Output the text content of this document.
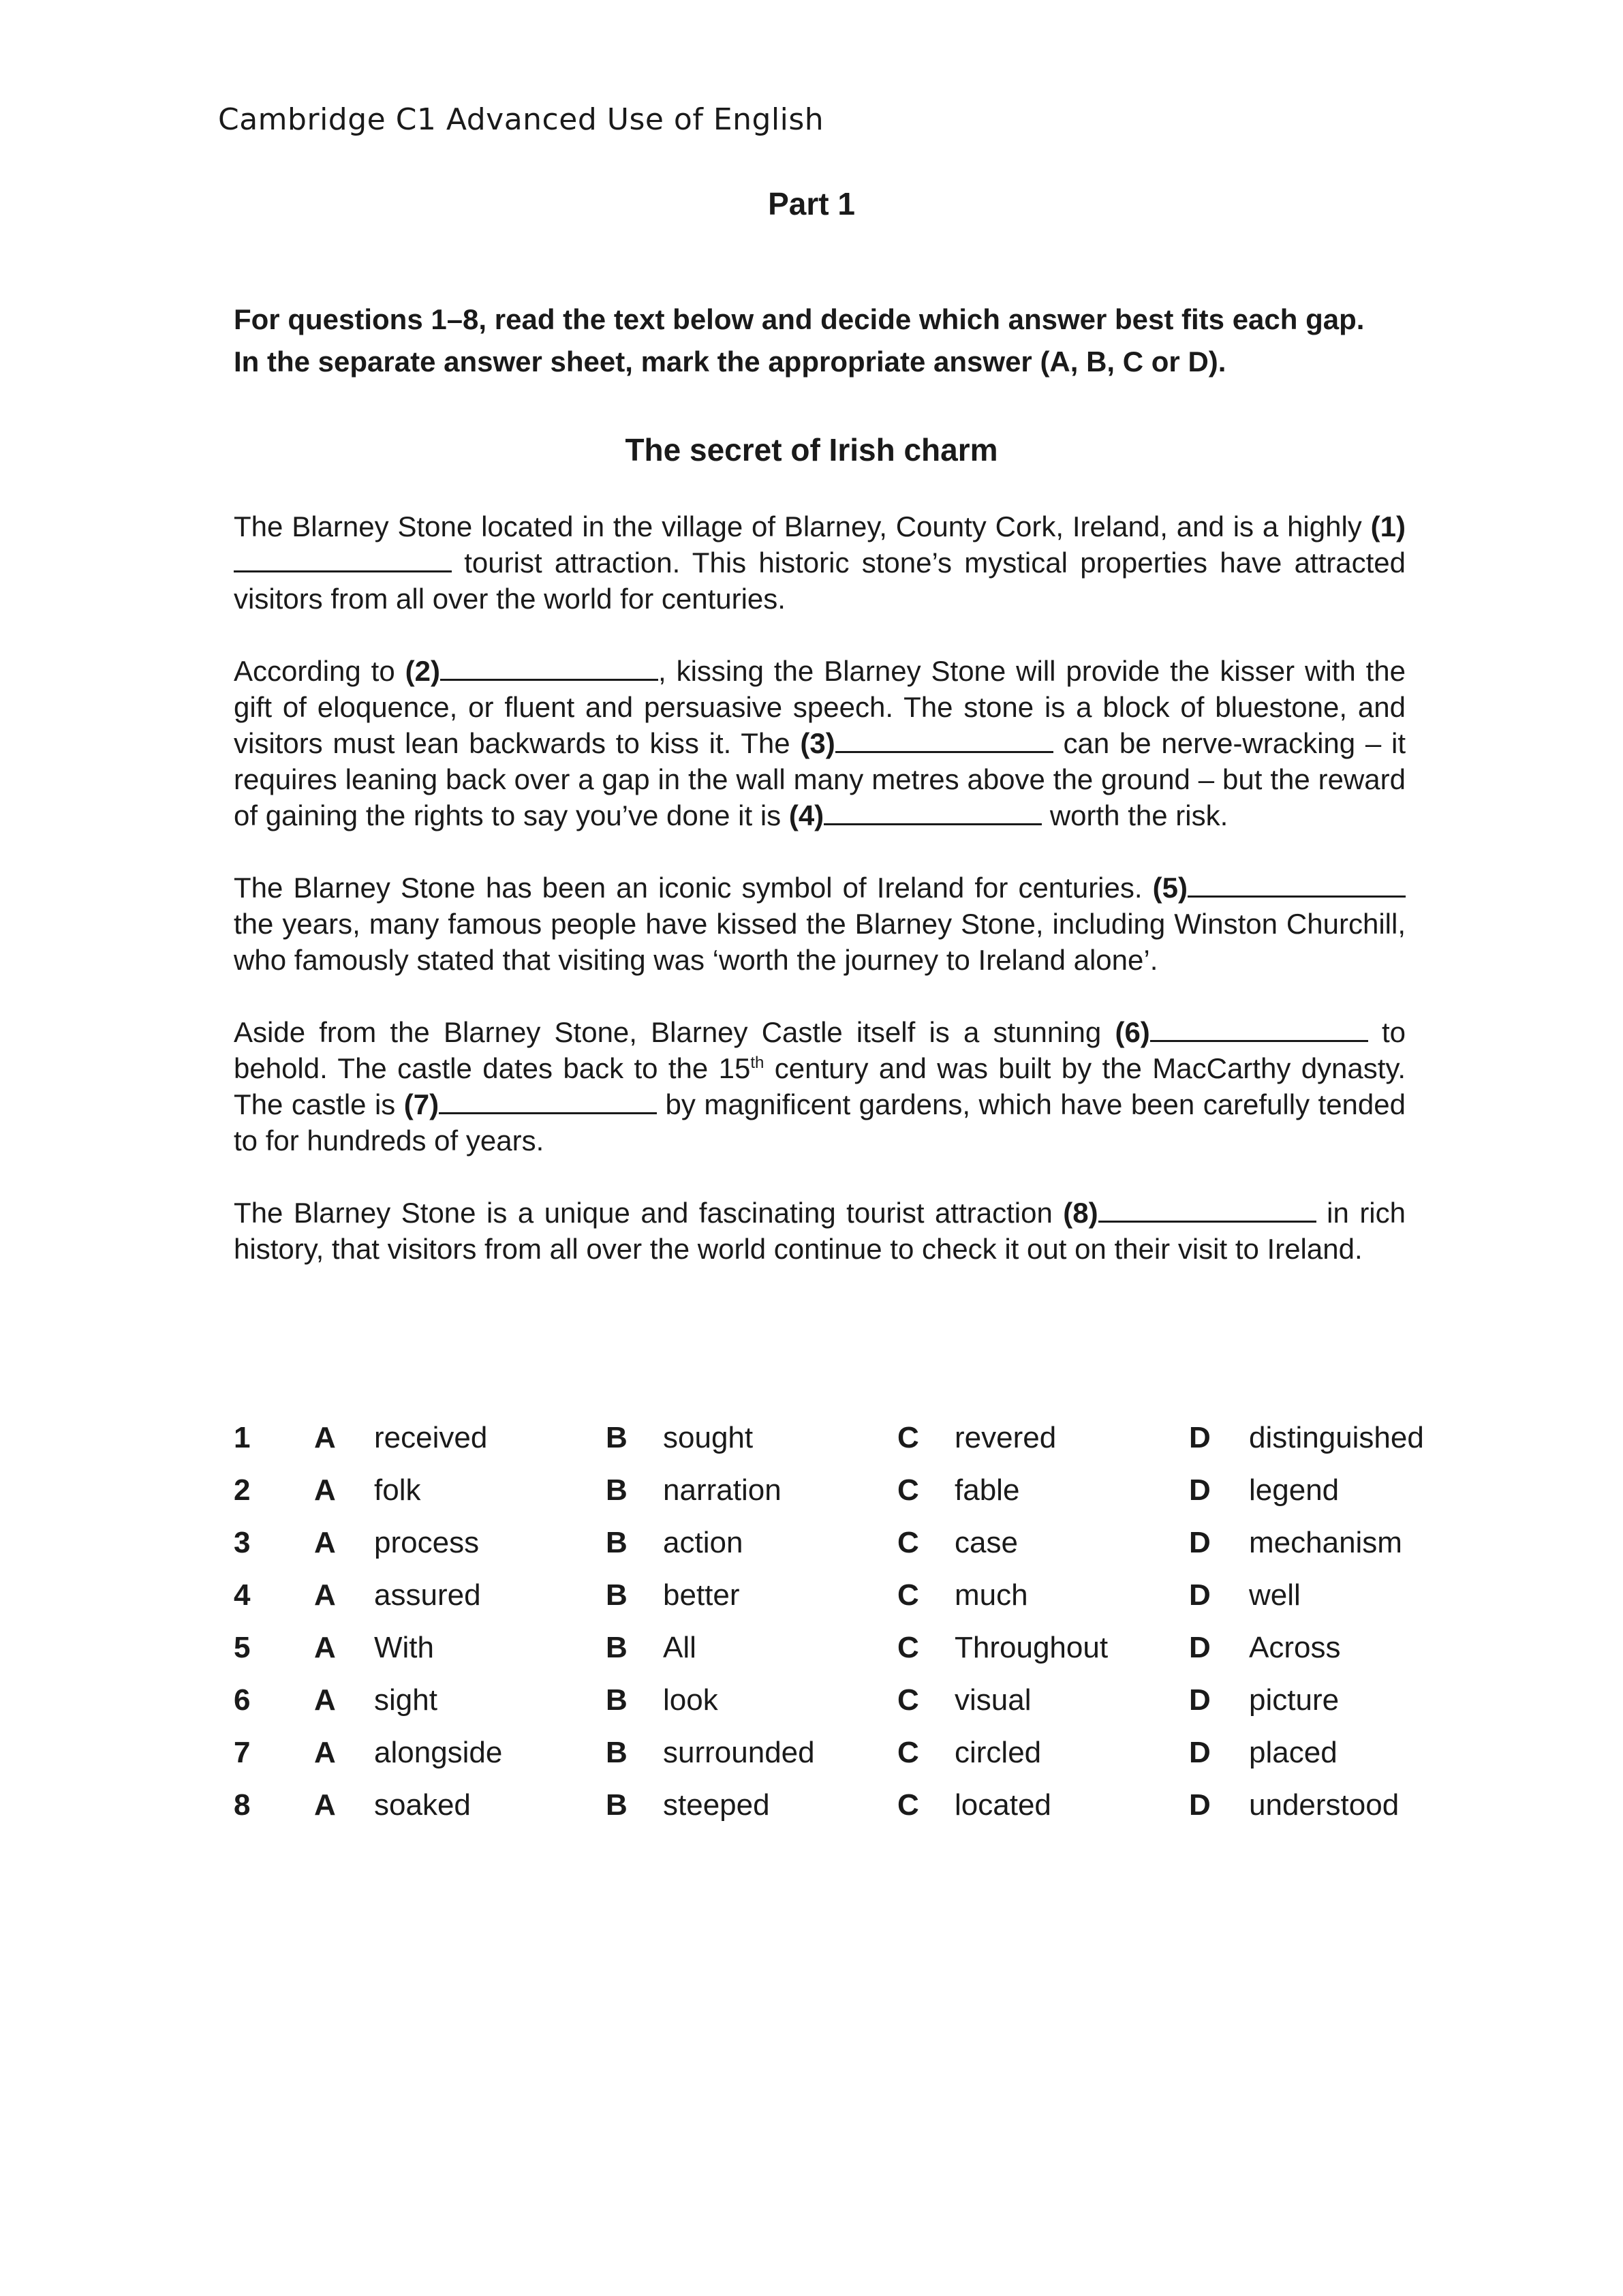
Cambridge C1 Advanced Use of English
Part 1
For questions 1–8, read the text below and decide which answer best fits each gap.
In the separate answer sheet, mark the appropriate answer (A, B, C or D).
The secret of Irish charm

The Blarney Stone located in the village of Blarney, County Cork, Ireland, and is a highly (1) tourist attraction. This historic stone’s mystical properties have attracted visitors from all over the world for centuries.

According to (2)	, kissing the Blarney Stone will provide the kisser with the gift of eloquence, or fluent and persuasive speech. The stone is a block of bluestone, and visitors must lean backwards to kiss it. The (3)	can be nerve-wracking – it requires leaning back over a gap in the wall many metres above the ground – but the reward of gaining the rights to say you’ve done it is (4)	worth the risk.

The Blarney Stone has been an iconic symbol of Ireland for centuries. (5) the years, many famous people have kissed the Blarney Stone, including Winston Churchill, who famously stated that visiting was ‘worth the journey to Ireland alone’.

Aside from the Blarney Stone, Blarney Castle itself is a stunning (6)	to behold. The castle dates back to the 15th century and was built by the MacCarthy dynasty. The castle is (7)	by magnificent gardens, which have been carefully tended to for hundreds of years.

The Blarney Stone is a unique and fascinating tourist attraction (8)	in rich history, that visitors from all over the world continue to check it out on their visit to Ireland.

1 A received	B sought	C revered	D distinguished
2 A folk	B narration	C fable	D legend
3 A process	B action	C case	D mechanism
4 A assured	B better	C much	D well
5 A With	B All	C Throughout	D Across
6 A sight	B look	C visual	D picture
7 A alongside	B surrounded	C circled	D placed
8 A soaked	B steeped	C located	D understood
